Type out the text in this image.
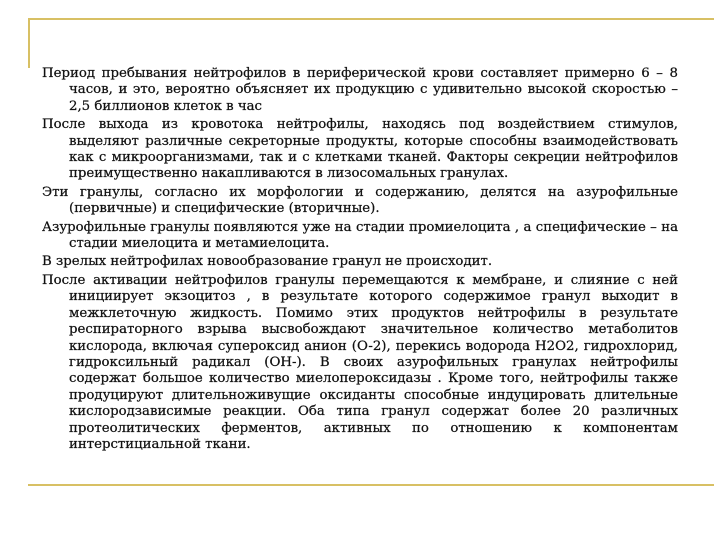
Период пребывания нейтрофилов в периферической крови составляет примерно 6 – 8 часов, и это, вероятно объясняет их продукцию с удивительно высокой скоростью – 2,5 биллионов клеток в час

После выхода из кровотока нейтрофилы, находясь под воздействием стимулов, выделяют различные секреторные продукты, которые способны взаимодействовать как с микроорганизмами, так и с клетками тканей. Факторы секреции нейтрофилов преимущественно накапливаются в лизосомальных гранулах.

Эти гранулы, согласно их морфологии и содержанию, делятся на азурофильные (первичные) и специфические (вторичные).

Азурофильные гранулы появляются уже на стадии промиелоцита , а специфические – на стадии миелоцита и метамиелоцита.

В зрелых нейтрофилах новообразование гранул не происходит.

После активации нейтрофилов гранулы перемещаются к мембране, и слияние с ней инициирует экзоцитоз , в результате которого содержимое гранул выходит в межклеточную жидкость. Помимо этих продуктов нейтрофилы в результате респираторного взрыва высвобождают значительное количество метаболитов кислорода, включая супероксид анион (O-2), перекись водорода H2O2, гидрохлорид, гидроксильный радикал (OH-). В своих азурофильных гранулах нейтрофилы содержат большое количество миелопероксидазы . Кроме того, нейтрофилы также продуцируют длительноживущие оксиданты способные индуцировать длительные кислородзависимые реакции. Оба типа гранул содержат более 20 различных протеолитических ферментов, активных по отношению к компонентам интерстициальной ткани.
